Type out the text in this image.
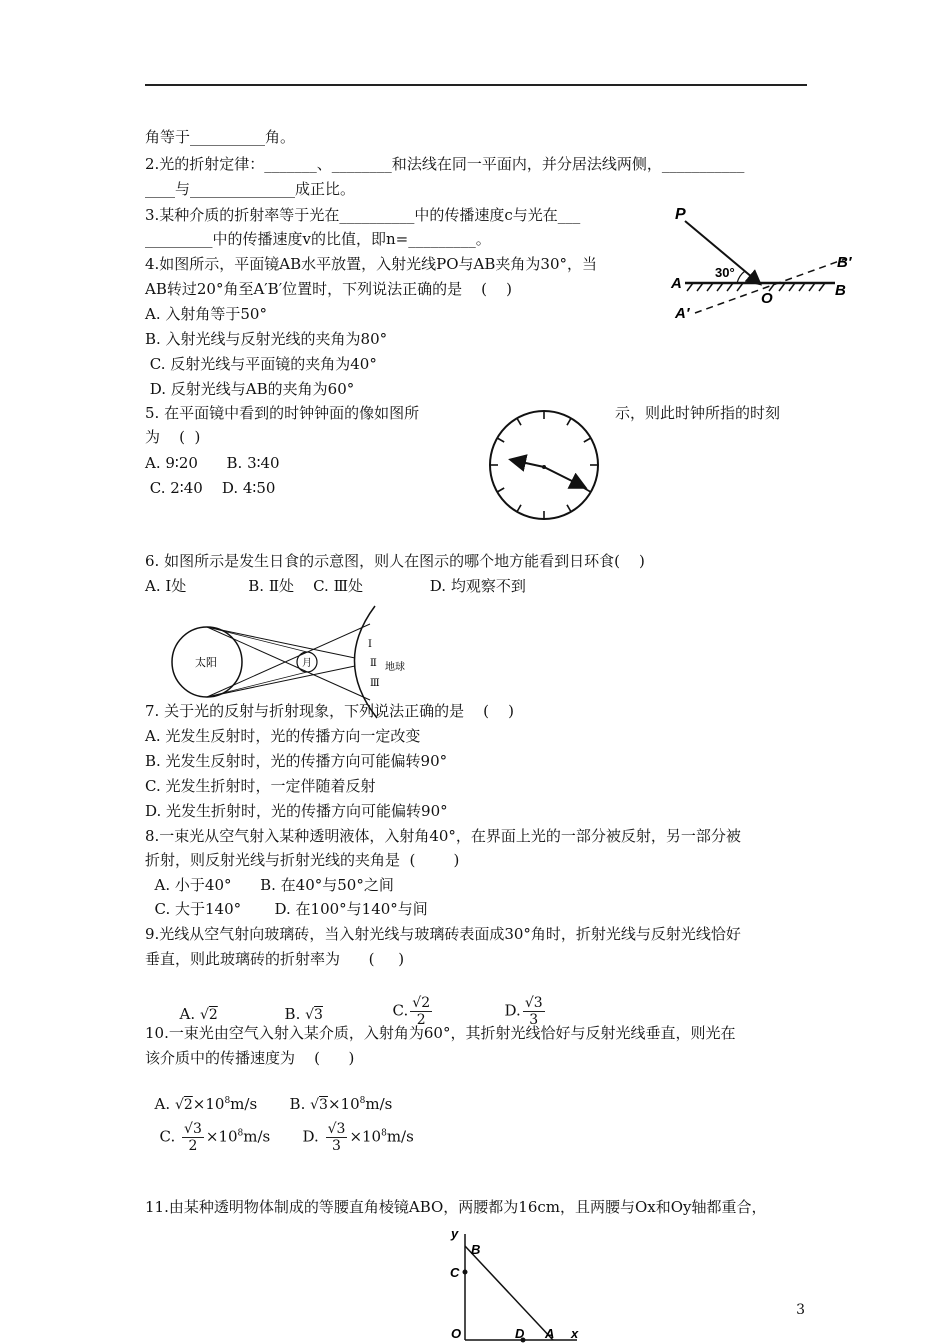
角等于__________角。
2.光的折射定律：_______、________和法线在同一平面内，并分居法线两侧，___________
____与______________成正比。
3.某种介质的折射率等于光在__________中的传播速度c与光在___
_________中的传播速度v的比值，即n=_________。
4.如图所示，平面镜AB水平放置，入射光线PO与AB夹角为30°，当
AB转过20°角至A′B′位置时，下列说法正确的是    (    )
A. 入射角等于50°
B. 入射光线与反射光线的夹角为80°
C. 反射光线与平面镜的夹角为40°
D. 反射光线与AB的夹角为60°
5. 在平面镜中看到的时钟钟面的像如图所	示，则此时钟所指的时刻
为    (  )
A. 9∶20      B. 3∶40
C. 2∶40    D. 4∶50
6. 如图所示是发生日食的示意图，则人在图示的哪个地方能看到日环食(    )
A. Ⅰ处             B. Ⅱ处    C. Ⅲ处              D. 均观察不到
7. 关于光的反射与折射现象，下列说法正确的是    (    )
A. 光发生反射时，光的传播方向一定改变
B. 光发生反射时，光的传播方向可能偏转90°
C. 光发生折射时，一定伴随着反射
D. 光发生折射时，光的传播方向可能偏转90°
8.一束光从空气射入某种透明液体，入射角40°，在界面上光的一部分被反射，另一部分被
折射，则反射光线与折射光线的夹角是  (        )
A. 小于40°      B. 在40°与50°之间
C. 大于140°       D. 在100°与140°与间
9.光线从空气射向玻璃砖，当入射光线与玻璃砖表面成30°角时，折射光线与反射光线恰好
垂直，则此玻璃砖的折射率为      (     )

A. √2	B. √3	C. $\frac{√2}{2}$	D. $\frac{√3}{3}$

10.一束光由空气入射入某介质，入射角为60°，其折射光线恰好与反射光线垂直，则光在
该介质中的传播速度为    (      )

A. $√2\times 10^8m/s$	B. $√3\times 10^8m/s$

C. $\frac{√3}{2} \times 10^8m/s$	D. $\frac{√3}{3} \times 10^8m/s$

11.由某种透明物体制成的等腰直角棱镜ABO，两腰都为16cm，且两腰与Ox和Oy轴都重合，
3
P
30°
A
A′
O	B
B′
太阳	月
Ⅰ
Ⅱ
Ⅲ
地球
y
B
C
O	D A x
